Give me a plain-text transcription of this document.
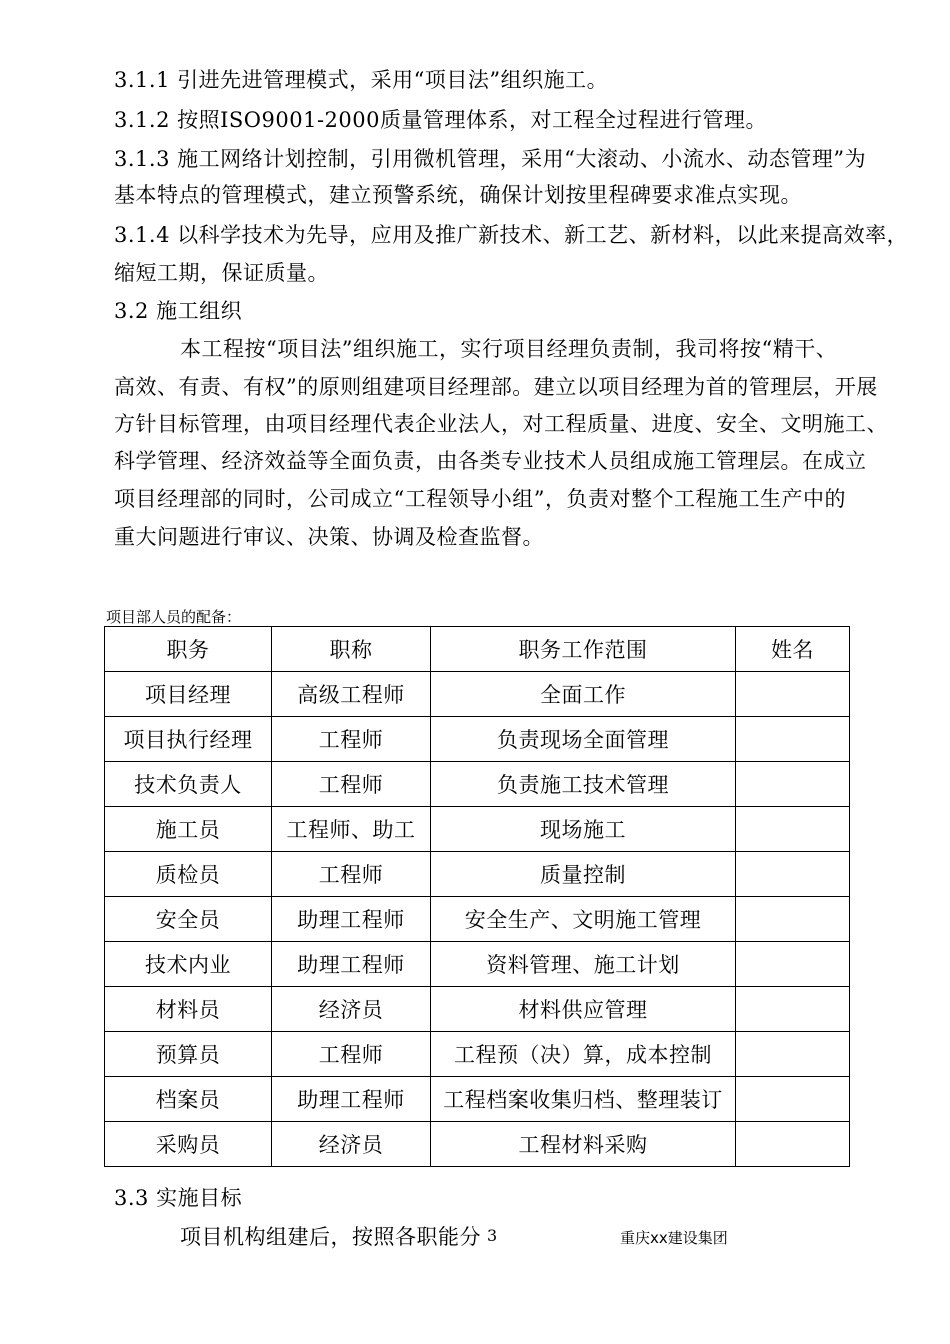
3.1.1 引进先进管理模式，采用“项目法”组织施工。
3.1.2 按照ISO9001-2000质量管理体系，对工程全过程进行管理。
3.1.3 施工网络计划控制，引用微机管理，采用“大滚动、小流水、动态管理”为
基本特点的管理模式，建立预警系统，确保计划按里程碑要求准点实现。
3.1.4 以科学技术为先导，应用及推广新技术、新工艺、新材料，以此来提高效率，
缩短工期，保证质量。
3.2 施工组织
本工程按“项目法”组织施工，实行项目经理负责制，我司将按“精干、
高效、有责、有权”的原则组建项目经理部。建立以项目经理为首的管理层，开展
方针目标管理，由项目经理代表企业法人，对工程质量、进度、安全、文明施工、
科学管理、经济效益等全面负责，由各类专业技术人员组成施工管理层。在成立
项目经理部的同时，公司成立“工程领导小组”，负责对整个工程施工生产中的
重大问题进行审议、决策、协调及检查监督。
项目部人员的配备：
职务	职称	职务工作范围	姓名
项目经理	高级工程师	全面工作	
项目执行经理	工程师	负责现场全面管理	
技术负责人	工程师	负责施工技术管理	
施工员	工程师、助工	现场施工	
质检员	工程师	质量控制	
安全员	助理工程师	安全生产、文明施工管理	
技术内业	助理工程师	资料管理、施工计划	
材料员	经济员	材料供应管理	
预算员	工程师	工程预（决）算，成本控制	
档案员	助理工程师	工程档案收集归档、整理装订	
采购员	经济员	工程材料采购	
3.3 实施目标
项目机构组建后，按照各职能分 3	重庆xx建设集团
